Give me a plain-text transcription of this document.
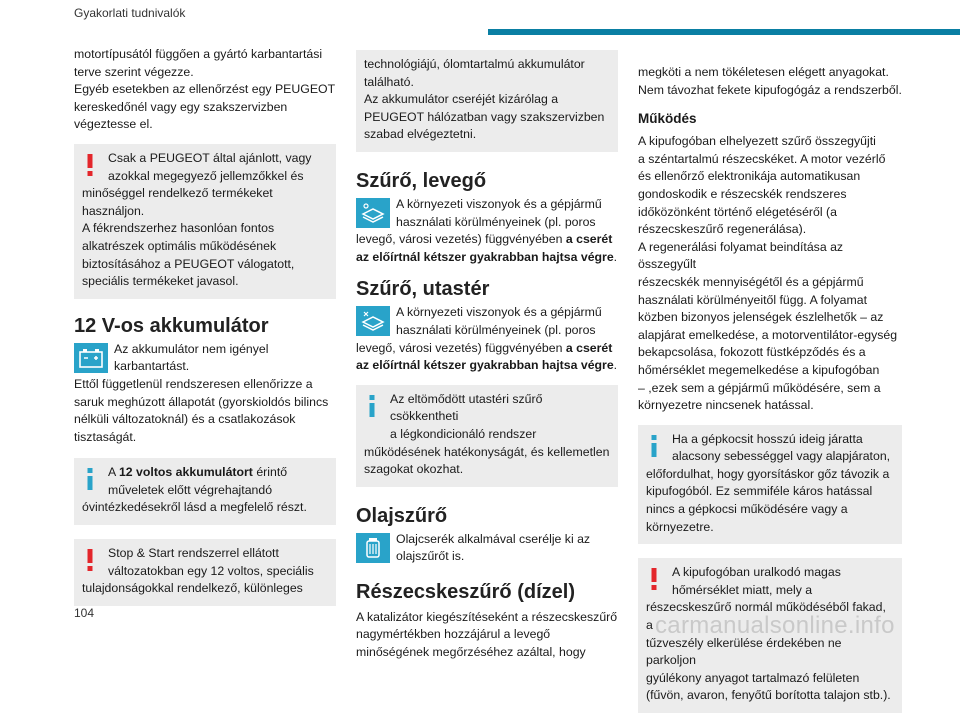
Gyakorlati tudnivalók
motortípusától függően a gyártó karbantartási
terve szerint végezze.
Egyéb esetekben az ellenőrzést egy PEUGEOT
kereskedőnél vagy egy szakszervizben
végeztesse el.
Csak a PEUGEOT által ajánlott, vagy
azokkal megegyező jellemzőkkel és
minőséggel rendelkező termékeket
használjon.
A fékrendszerhez hasonlóan fontos
alkatrészek optimális működésének
biztosításához a PEUGEOT válogatott,
speciális termékeket javasol.
12 V-os akkumulátor
Az akkumulátor nem igényel
karbantartást.
Ettől függetlenül rendszeresen ellenőrizze a
saruk meghúzott állapotát (gyorskioldós bilincs
nélküli változatoknál) és a csatlakozások
tisztaságát.
A 12 voltos akkumulátort érintő
műveletek előtt végrehajtandó
óvintézkedésekről lásd a megfelelő részt.
Stop & Start rendszerrel ellátott
változatokban egy 12 voltos, speciális
tulajdonságokkal rendelkező, különleges
technológiájú, ólomtartalmú akkumulátor
található.
Az akkumulátor cseréjét kizárólag a
PEUGEOT hálózatban vagy szakszervizben
szabad elvégeztetni.
Szűrő, levegő
A környezeti viszonyok és a gépjármű
használati körülményeinek (pl. poros
levegő, városi vezetés) függvényében a cserét
az előírtnál kétszer gyakrabban hajtsa végre.
Szűrő, utastér
A környezeti viszonyok és a gépjármű
használati körülményeinek (pl. poros
levegő, városi vezetés) függvényében a cserét
az előírtnál kétszer gyakrabban hajtsa végre.
Az eltömődött utastéri szűrő csökkentheti
a légkondicionáló rendszer
működésének hatékonyságát, és kellemetlen
szagokat okozhat.
Olajszűrő
Olajcserék alkalmával cserélje ki az
olajszűrőt is.
Részecskeszűrő (dízel)
A katalizátor kiegészítéseként a részecskeszűrő
nagymértékben hozzájárul a levegő
minőségének megőrzéséhez azáltal, hogy
megköti a nem tökéletesen elégett anyagokat.
Nem távozhat fekete kipufogógáz a rendszerből.
Működés
A kipufogóban elhelyezett szűrő összegyűjti
a széntartalmú részecskéket. A motor vezérlő
és ellenőrző elektronikája automatikusan
gondoskodik e részecskék rendszeres
időközönként történő elégetéséről (a
részecskeszűrő regenerálása).
A regenerálási folyamat beindítása az összegyűlt
részecskék mennyiségétől és a gépjármű
használati körülményeitől függ. A folyamat
közben bizonyos jelenségek észlelhetők – az
alapjárat emelkedése, a motorventilátor-egység
bekapcsolása, fokozott füstképződés és a
hőmérséklet megemelkedése a kipufogóban
– ,ezek sem a gépjármű működésére, sem a
környezetre nincsenek hatással.
Ha a gépkocsit hosszú ideig járatta
alacsony sebességgel vagy alapjáraton,
előfordulhat, hogy gyorsításkor gőz távozik a
kipufogóból. Ez semmiféle káros hatással
nincs a gépkocsi működésére vagy a
környezetre.
A kipufogóban uralkodó magas
hőmérséklet miatt, mely a
részecskeszűrő normál működéséből fakad, a
tűzveszély elkerülése érdekében ne parkoljon
gyúlékony anyagot tartalmazó felületen
(fűvön, avaron, fenyőtű borította talajon stb.).
104	carmanualsonline.info
